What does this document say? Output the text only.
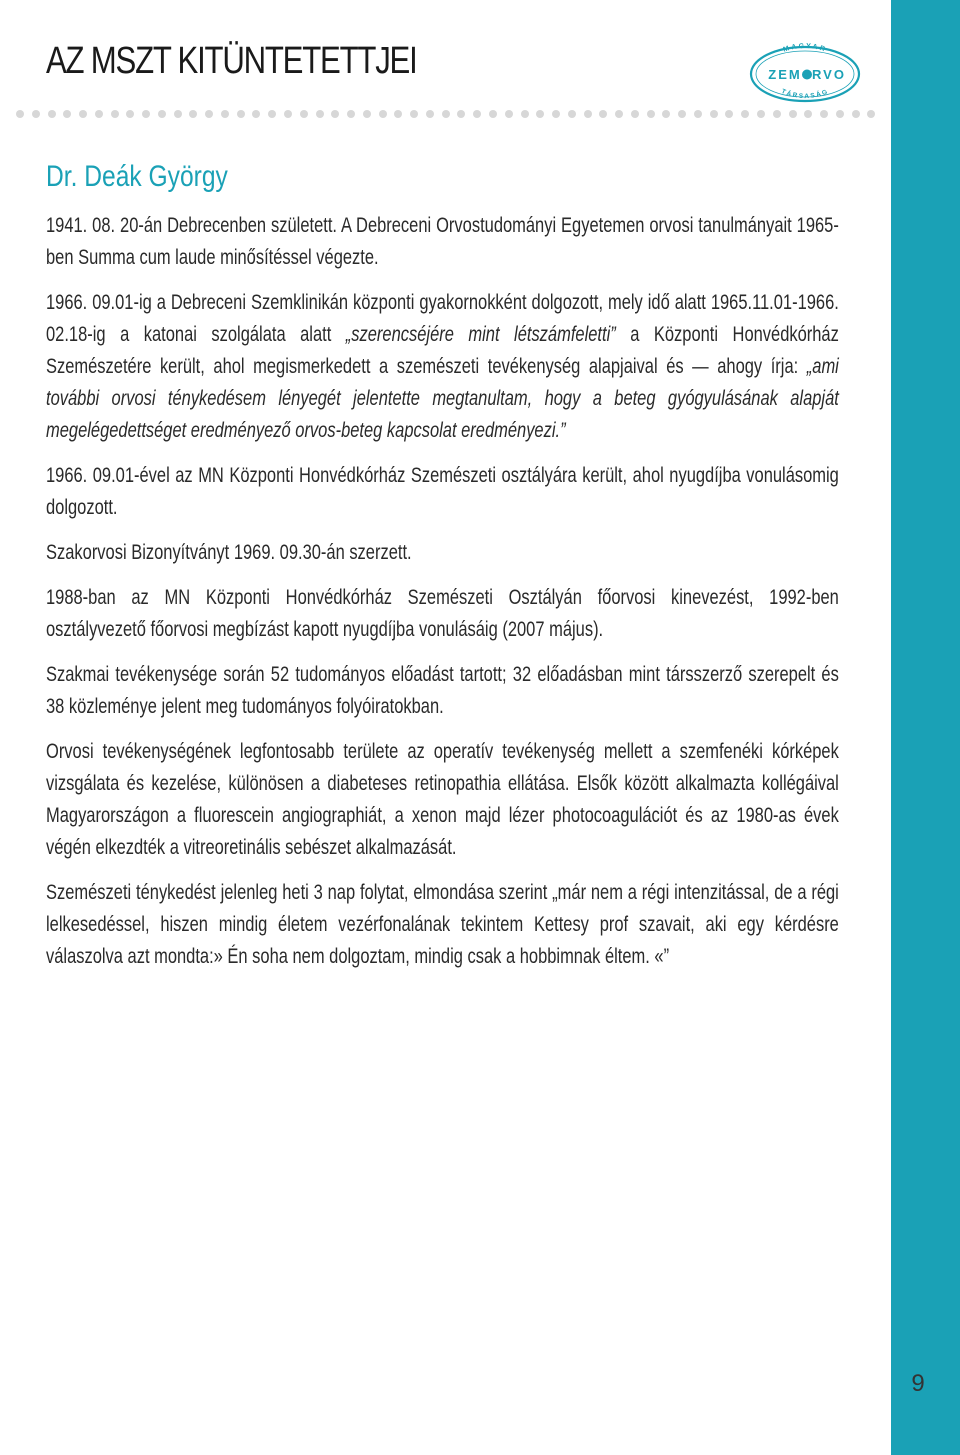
9
AZ MSZT KITÜNTETETTJEI	MAGYAR
TÁRSASÁG
ZEM RVO
Dr. Deák György

1941. 08. 20-án Debrecenben született. A Debreceni Orvostudományi Egyetemen orvosi tanulmányait 1965-ben Summa cum laude minősítéssel végezte.

1966. 09.01-ig a Debreceni Szemklinikán központi gyakornokként dolgozott, mely idő alatt 1965.11.01-1966. 02.18-ig a katonai szolgálata alatt „szerencséjére mint létszámfeletti” a Központi Honvédkórház Szemészetére került, ahol megismerkedett a szemészeti tevékenység alapjaival és — ahogy írja: „ami további orvosi ténykedésem lényegét jelentette megtanultam, hogy a beteg gyógyulásának alapját megelégedettséget eredményező orvos-beteg kapcsolat eredményezi.”

1966. 09.01-ével az MN Központi Honvédkórház Szemészeti osztályára került, ahol nyugdíjba vonulásomig dolgozott.

Szakorvosi Bizonyítványt 1969. 09.30-án szerzett.

1988-ban az MN Központi Honvédkórház Szemészeti Osztályán főorvosi kinevezést, 1992-ben osztályvezető főorvosi megbízást kapott nyugdíjba vonulásáig (2007 május).

Szakmai tevékenysége során 52 tudományos előadást tartott; 32 előadásban mint társszerző szerepelt és 38 közleménye jelent meg tudományos folyóiratokban.

Orvosi tevékenységének legfontosabb területe az operatív tevékenység mellett a szemfenéki kórképek vizsgálata és kezelése, különösen a diabeteses retinopathia ellátása. Elsők között alkalmazta kollégáival Magyarországon a fluorescein angiographiát, a xenon majd lézer photocoagulációt és az 1980-as évek végén elkezdték a vitreoretinális sebészet alkalmazását.

Szemészeti ténykedést jelenleg heti 3 nap folytat, elmondása szerint „már nem a régi intenzitással, de a régi lelkesedéssel, hiszen mindig életem vezérfonalának tekintem Kettesy prof szavait, aki egy kérdésre válaszolva azt mondta:» Én soha nem dolgoztam, mindig csak a hobbimnak éltem. «”
